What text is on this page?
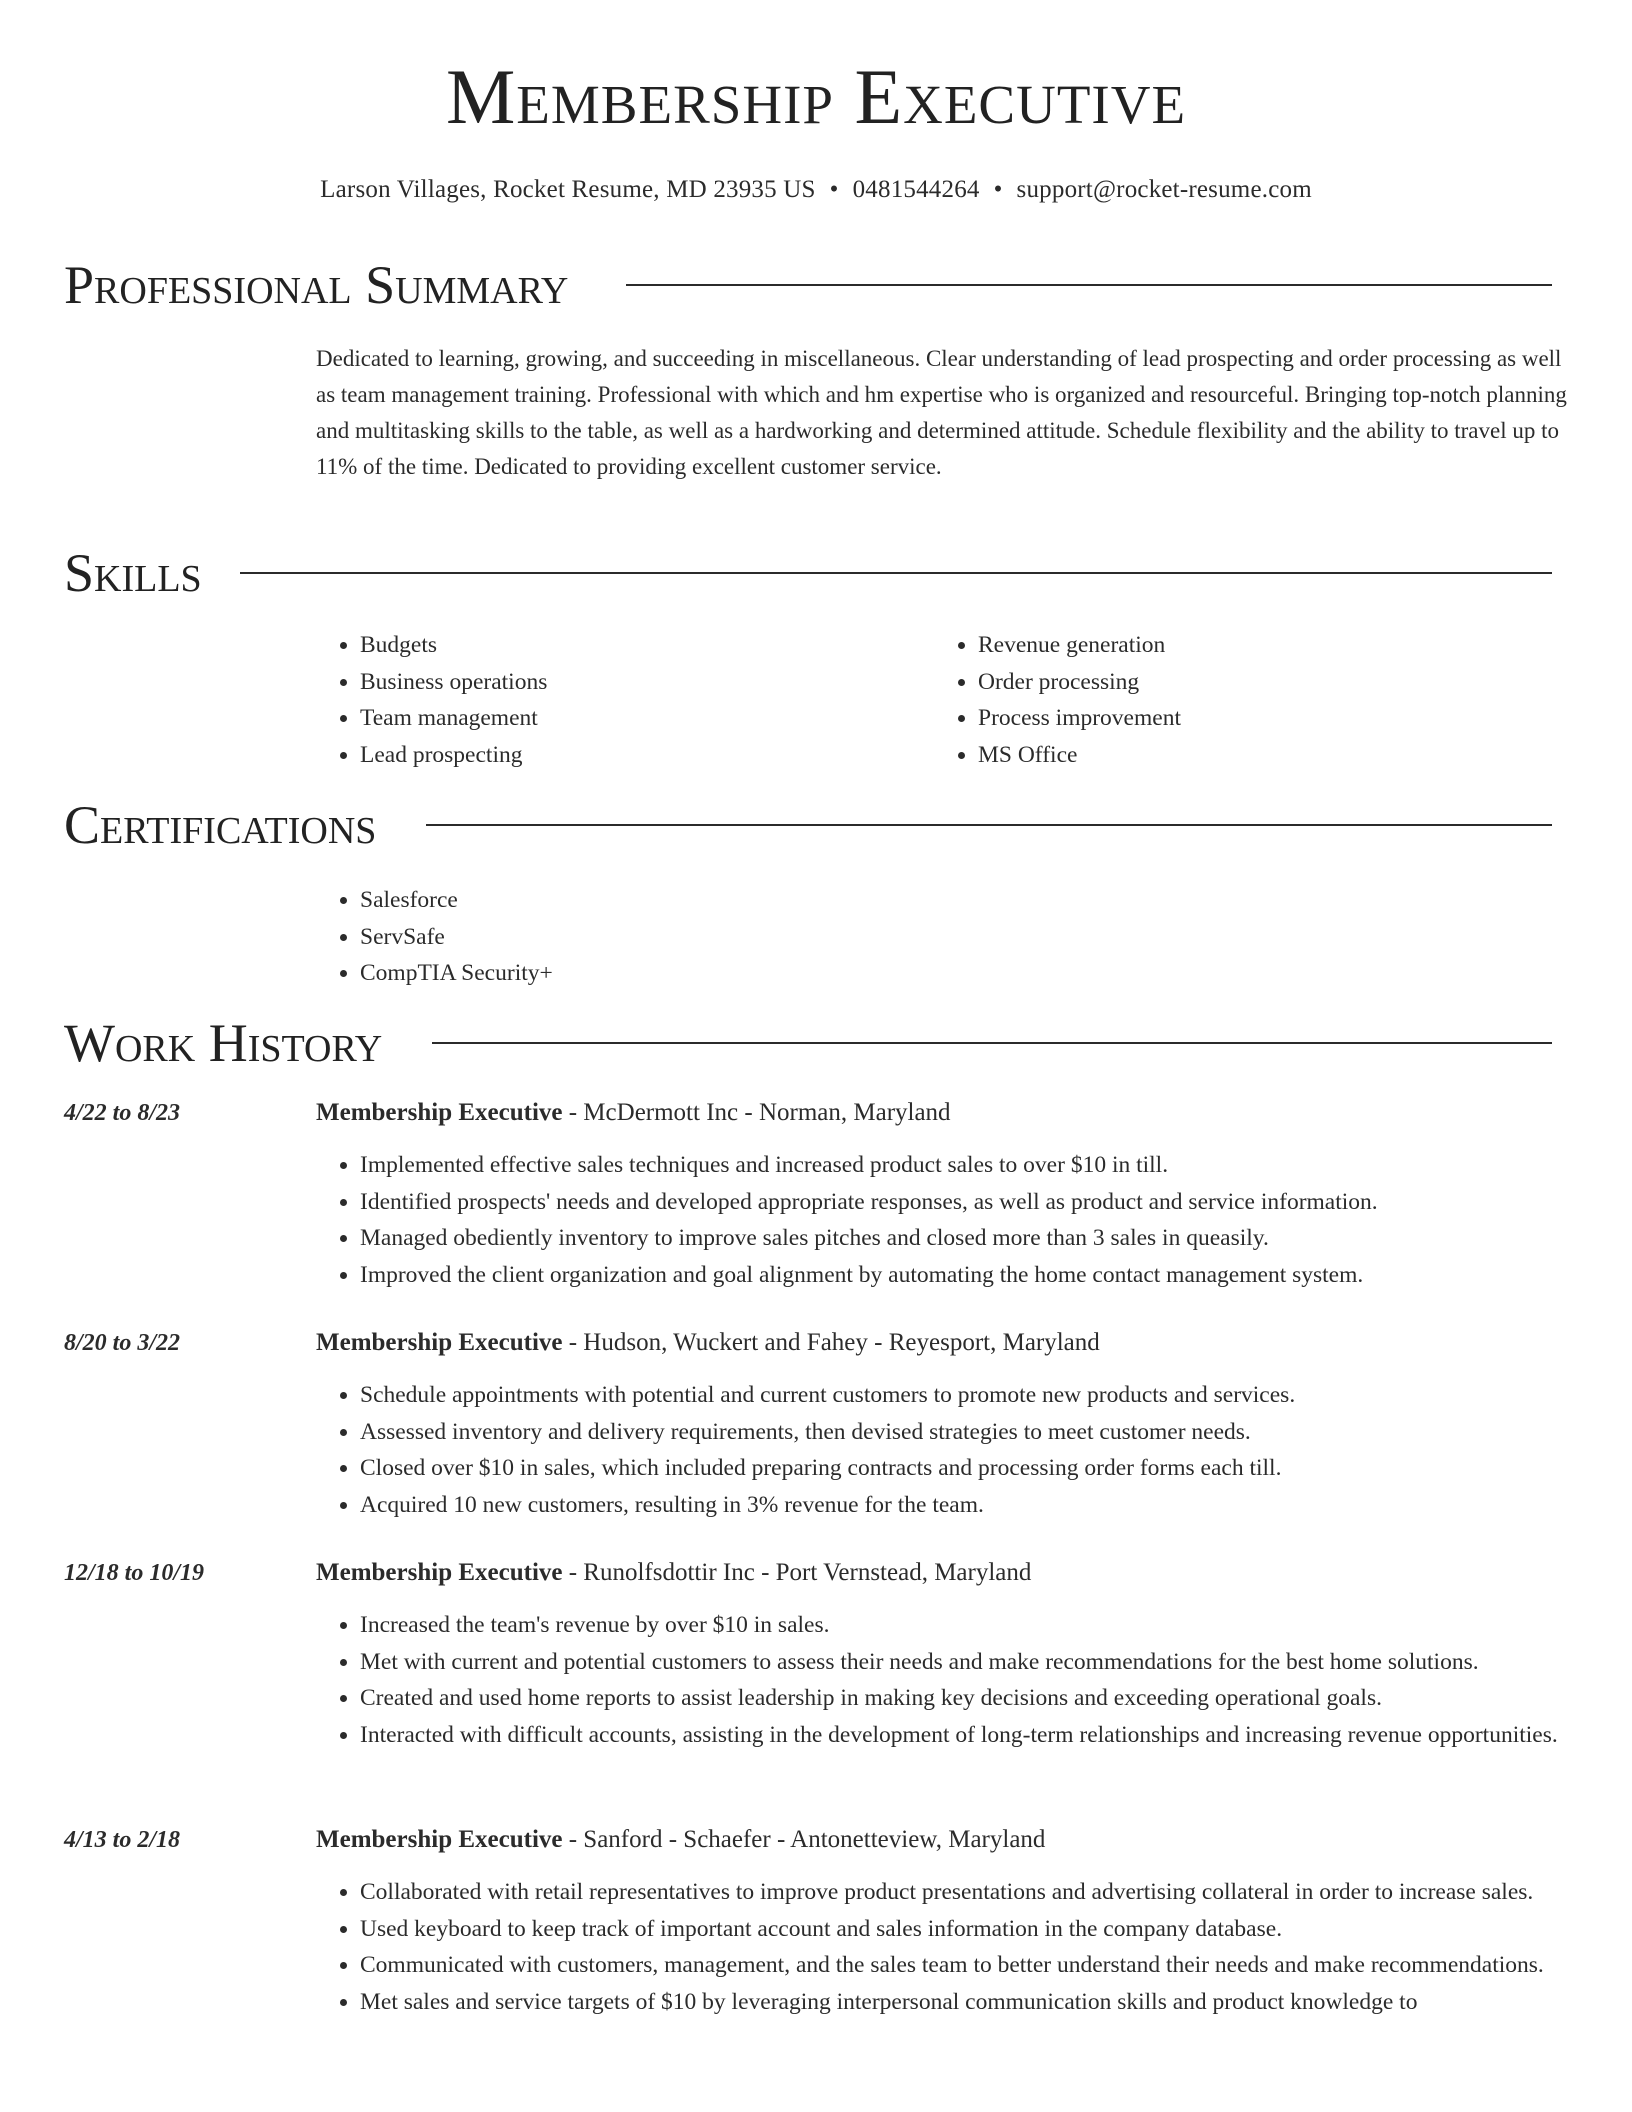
Membership Executive
Larson Villages, Rocket Resume, MD 23935 US • 0481544264 • support@rocket-resume.com
Professional Summary
Dedicated to learning, growing, and succeeding in miscellaneous. Clear understanding of lead prospecting and order processing as well as team management training. Professional with which and hm expertise who is organized and resourceful. Bringing top-notch planning and multitasking skills to the table, as well as a hardworking and determined attitude. Schedule flexibility and the ability to travel up to 11% of the time. Dedicated to providing excellent customer service.
Skills
• Budgets
• Business operations
• Team management
• Lead prospecting
• Revenue generation
• Order processing
• Process improvement
• MS Office
Certifications
• Salesforce
• ServSafe
• CompTIA Security+
Work History
4/22 to 8/23	Membership Executive - McDermott Inc - Norman, Maryland
• Implemented effective sales techniques and increased product sales to over $10 in till.
• Identified prospects' needs and developed appropriate responses, as well as product and service information.
• Managed obediently inventory to improve sales pitches and closed more than 3 sales in queasily.
• Improved the client organization and goal alignment by automating the home contact management system.
8/20 to 3/22	Membership Executive - Hudson, Wuckert and Fahey - Reyesport, Maryland
• Schedule appointments with potential and current customers to promote new products and services.
• Assessed inventory and delivery requirements, then devised strategies to meet customer needs.
• Closed over $10 in sales, which included preparing contracts and processing order forms each till.
• Acquired 10 new customers, resulting in 3% revenue for the team.
12/18 to 10/19	Membership Executive - Runolfsdottir Inc - Port Vernstead, Maryland
• Increased the team's revenue by over $10 in sales.
• Met with current and potential customers to assess their needs and make recommendations for the best home solutions.
• Created and used home reports to assist leadership in making key decisions and exceeding operational goals.
• Interacted with difficult accounts, assisting in the development of long-term relationships and increasing revenue opportunities.
4/13 to 2/18	Membership Executive - Sanford - Schaefer - Antonetteview, Maryland
• Collaborated with retail representatives to improve product presentations and advertising collateral in order to increase sales.
• Used keyboard to keep track of important account and sales information in the company database.
• Communicated with customers, management, and the sales team to better understand their needs and make recommendations.
• Met sales and service targets of $10 by leveraging interpersonal communication skills and product knowledge to
